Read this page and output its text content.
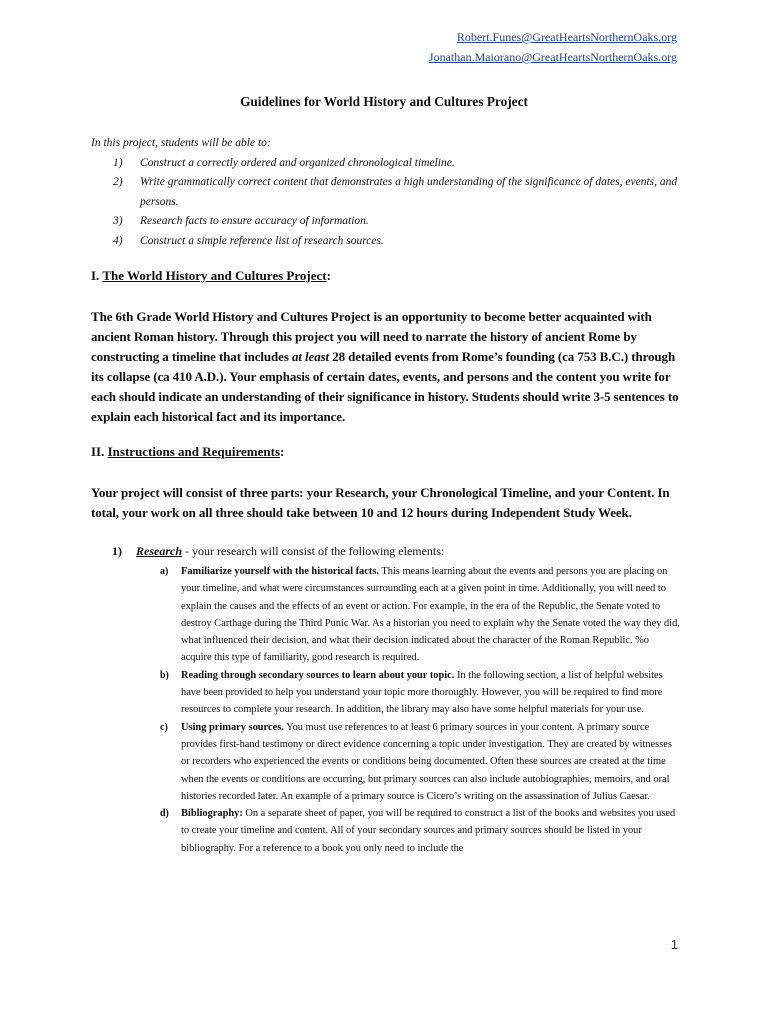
Robert.Funes@GreatHeartsNorthernOaks.org
Jonathan.Maiorano@GreatHeartsNorthernOaks.org
Guidelines for World History and Cultures Project
In this project, students will be able to:
1) Construct a correctly ordered and organized chronological timeline.
2) Write grammatically correct content that demonstrates a high understanding of the significance of dates, events, and persons.
3) Research facts to ensure accuracy of information.
4) Construct a simple reference list of research sources.
I. The World History and Cultures Project:
The 6th Grade World History and Cultures Project is an opportunity to become better acquainted with ancient Roman history. Through this project you will need to narrate the history of ancient Rome by constructing a timeline that includes at least 28 detailed events from Rome’s founding (ca 753 B.C.) through its collapse (ca 410 A.D.). Your emphasis of certain dates, events, and persons and the content you write for each should indicate an understanding of their significance in history. Students should write 3-5 sentences to explain each historical fact and its importance.
II. Instructions and Requirements:
Your project will consist of three parts: your Research, your Chronological Timeline, and your Content. In total, your work on all three should take between 10 and 12 hours during Independent Study Week.
1) Research - your research will consist of the following elements:
a) Familiarize yourself with the historical facts. This means learning about the events and persons you are placing on your timeline, and what were circumstances surrounding each at a given point in time. Additionally, you will need to explain the causes and the effects of an event or action. For example, in the era of the Republic, the Senate voted to destroy Carthage during the Third Punic War. As a historian you need to explain why the Senate voted the way they did, what influenced their decision, and what their decision indicated about the character of the Roman Republic. %o acquire this type of familiarity, good research is required.
b) Reading through secondary sources to learn about your topic. In the following section, a list of helpful websites have been provided to help you understand your topic more thoroughly. However, you will be required to find more resources to complete your research. In addition, the library may also have some helpful materials for your use.
c) Using primary sources. You must use references to at least 6 primary sources in your content. A primary source provides first-hand testimony or direct evidence concerning a topic under investigation. They are created by witnesses or recorders who experienced the events or conditions being documented. Often these sources are created at the time when the events or conditions are occurring, but primary sources can also include autobiographies, memoirs, and oral histories recorded later. An example of a primary source is Cicero’s writing on the assassination of Julius Caesar.
d) Bibliography: On a separate sheet of paper, you will be required to construct a list of the books and websites you used to create your timeline and content. All of your secondary sources and primary sources should be listed in your bibliography. For a reference to a book you only need to include the
1
